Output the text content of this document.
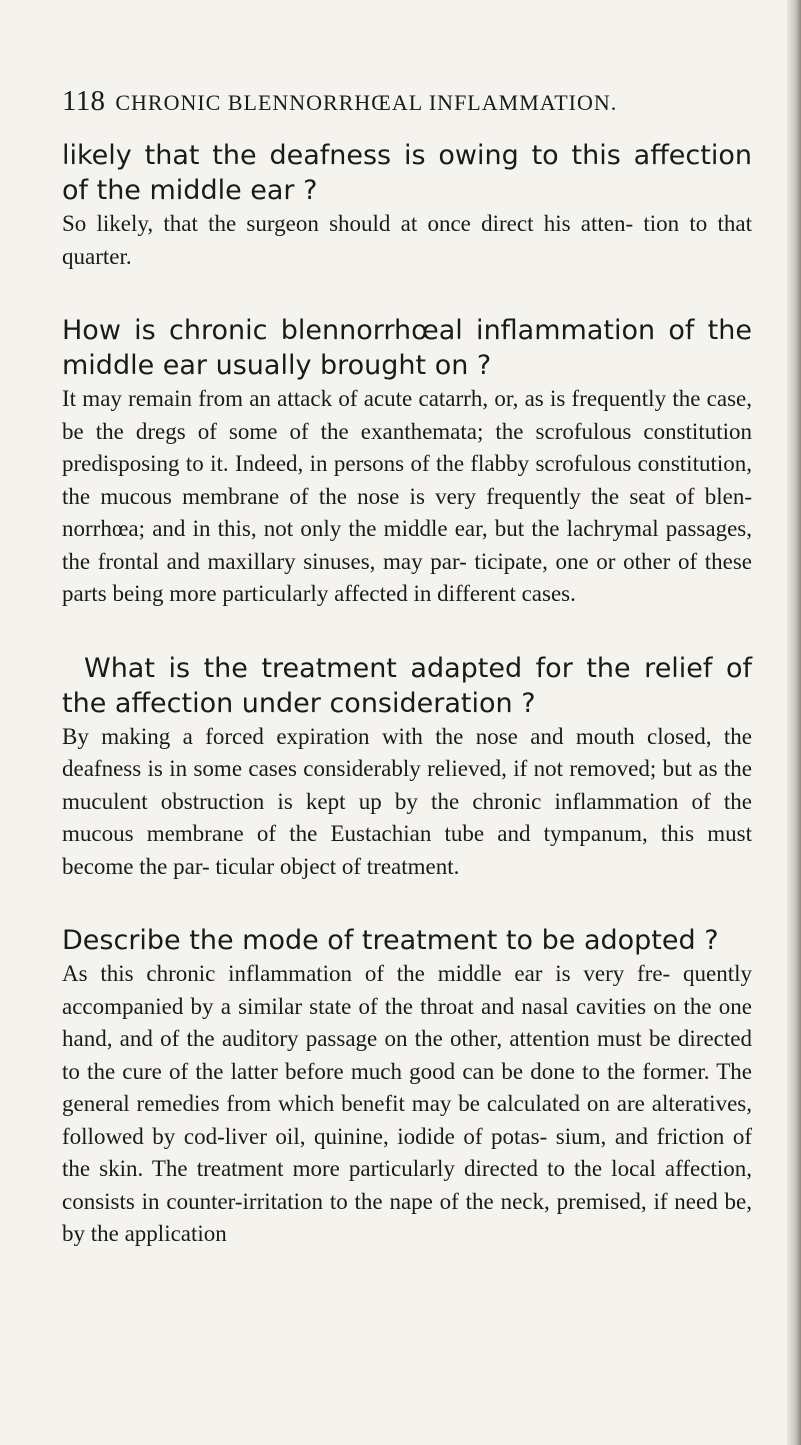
118 CHRONIC BLENNORRHŒAL INFLAMMATION.

likely that the deafness is owing to this affection of the middle ear ?

So likely, that the surgeon should at once direct his atten- tion to that quarter.

How is chronic blennorrhœal inflammation of the middle ear usually brought on ?

It may remain from an attack of acute catarrh, or, as is frequently the case, be the dregs of some of the exanthemata; the scrofulous constitution predisposing to it. Indeed, in persons of the flabby scrofulous constitution, the mucous membrane of the nose is very frequently the seat of blen- norrhœa; and in this, not only the middle ear, but the lachrymal passages, the frontal and maxillary sinuses, may par- ticipate, one or other of these parts being more particularly affected in different cases.

What is the treatment adapted for the relief of the affection under consideration ?

By making a forced expiration with the nose and mouth closed, the deafness is in some cases considerably relieved, if not removed; but as the muculent obstruction is kept up by the chronic inflammation of the mucous membrane of the Eustachian tube and tympanum, this must become the par- ticular object of treatment.

Describe the mode of treatment to be adopted ?

As this chronic inflammation of the middle ear is very fre- quently accompanied by a similar state of the throat and nasal cavities on the one hand, and of the auditory passage on the other, attention must be directed to the cure of the latter before much good can be done to the former. The general remedies from which benefit may be calculated on are alteratives, followed by cod-liver oil, quinine, iodide of potas- sium, and friction of the skin. The treatment more particularly directed to the local affection, consists in counter-irritation to the nape of the neck, premised, if need be, by the application
